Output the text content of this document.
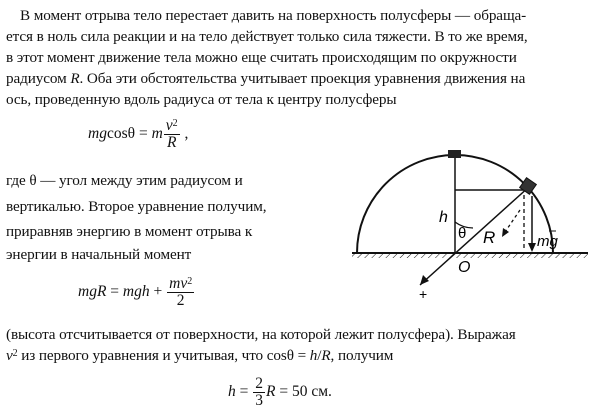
В момент отрыва тело перестает давить на поверхность полусферы — обраща-
ется в ноль сила реакции и на тело действует только сила тяжести. В то же время,
в этот момент движение тела можно еще считать происходящим по окружности
радиусом R. Оба эти обстоятельства учитывает проекция уравнения движения на
ось, проведенную вдоль радиуса от тела к центру полусферы
mgcosθ = m $\frac{v^2}{R}$ ,
где θ — угол между этим радиусом и
вертикалью. Второе уравнение получим,
приравняв энергию в момент отрыва к
энергии в начальный момент
mgR = mgh + $\frac{mv^2}{2}$
(высота отсчитывается от поверхности, на которой лежит полусфера). Выражая
$v^2$ из первого уравнения и учитывая, что cosθ = h/R, получим
$h = \frac{2}{3}$ R = 50 см.
h
θ R
O
mg
+
